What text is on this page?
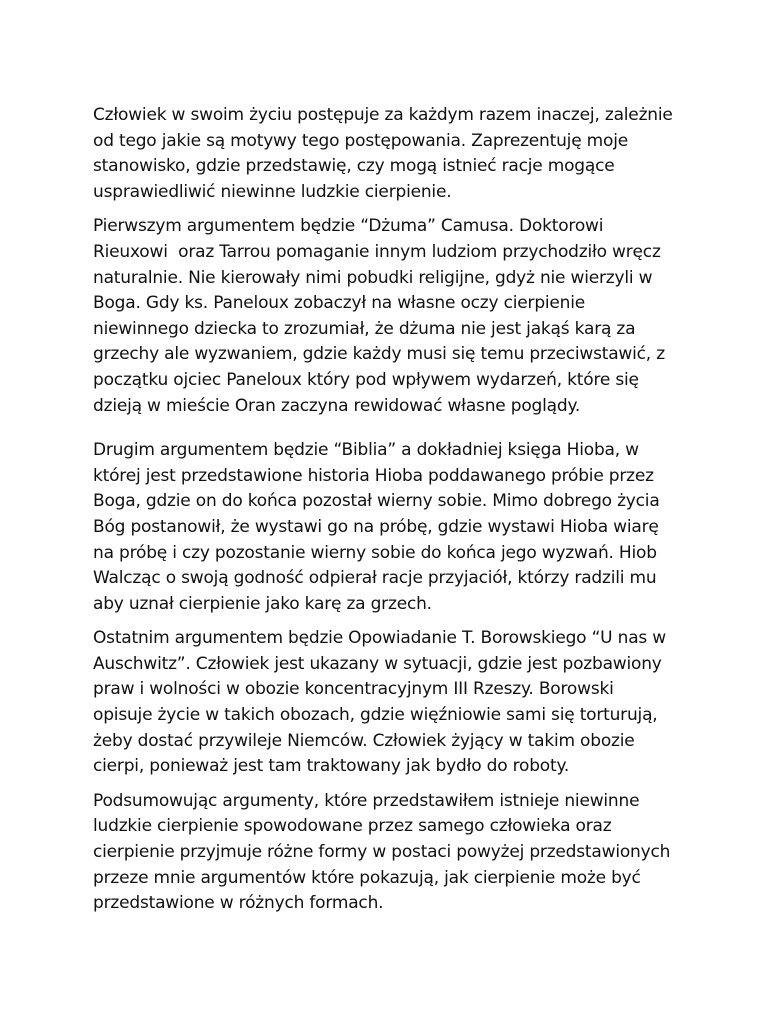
Człowiek w swoim życiu postępuje za każdym razem inaczej, zależnie
od tego jakie są motywy tego postępowania. Zaprezentuję moje
stanowisko, gdzie przedstawię, czy mogą istnieć racje mogące
usprawiedliwić niewinne ludzkie cierpienie.
Pierwszym argumentem będzie “Dżuma” Camusa. Doktorowi
Rieuxowi  oraz Tarrou pomaganie innym ludziom przychodziło wręcz
naturalnie. Nie kierowały nimi pobudki religijne, gdyż nie wierzyli w
Boga. Gdy ks. Paneloux zobaczył na własne oczy cierpienie
niewinnego dziecka to zrozumiał, że dżuma nie jest jakąś karą za
grzechy ale wyzwaniem, gdzie każdy musi się temu przeciwstawić, z
początku ojciec Paneloux który pod wpływem wydarzeń, które się
dzieją w mieście Oran zaczyna rewidować własne poglądy.
Drugim argumentem będzie “Biblia” a dokładniej księga Hioba, w
której jest przedstawione historia Hioba poddawanego próbie przez
Boga, gdzie on do końca pozostał wierny sobie. Mimo dobrego życia
Bóg postanowił, że wystawi go na próbę, gdzie wystawi Hioba wiarę
na próbę i czy pozostanie wierny sobie do końca jego wyzwań. Hiob
Walcząc o swoją godność odpierał racje przyjaciół, którzy radzili mu
aby uznał cierpienie jako karę za grzech.
Ostatnim argumentem będzie Opowiadanie T. Borowskiego “U nas w
Auschwitz”. Człowiek jest ukazany w sytuacji, gdzie jest pozbawiony
praw i wolności w obozie koncentracyjnym III Rzeszy. Borowski
opisuje życie w takich obozach, gdzie więźniowie sami się torturują,
żeby dostać przywileje Niemców. Człowiek żyjący w takim obozie
cierpi, ponieważ jest tam traktowany jak bydło do roboty.
Podsumowując argumenty, które przedstawiłem istnieje niewinne
ludzkie cierpienie spowodowane przez samego człowieka oraz
cierpienie przyjmuje różne formy w postaci powyżej przedstawionych
przeze mnie argumentów które pokazują, jak cierpienie może być
przedstawione w różnych formach.
